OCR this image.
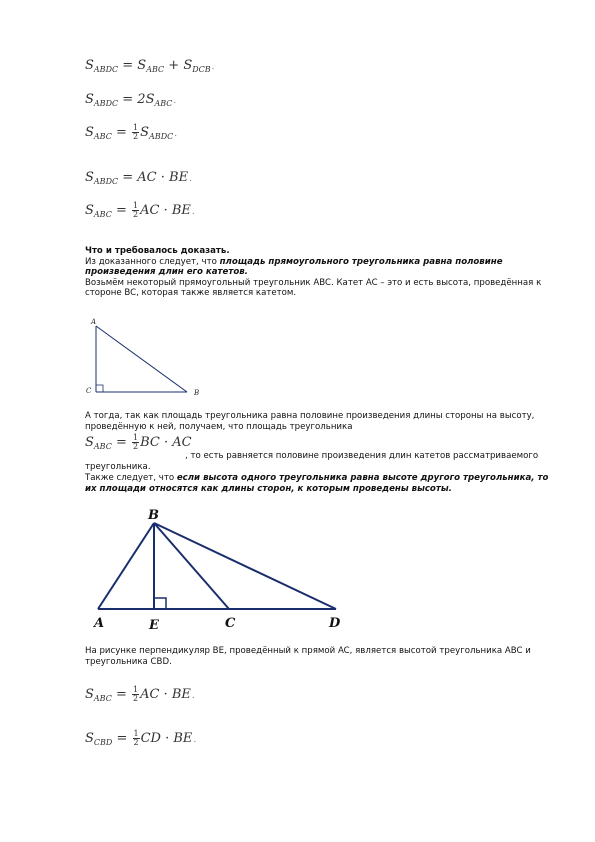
$S_{ABDC} = S_{ABC} + S_{DCB}$.
$S_{ABDC} = 2S_{ABC}$.
$S_{ABC} = \frac{1}{2} S_{ABDC}$.
$S_{ABDC}$ = AC · BE.
$S_{ABC} = \frac{1}{2}$ AC · BE.
Что и требовалось доказать.
Из доказанного следует, что площадь прямоугольного треугольника равна половине произведения длин его катетов.
Возьмём некоторый прямоугольный треугольник ABC. Катет AC – это и есть высота, проведённая к стороне BC, которая также является катетом.
A
C	B
А тогда, так как площадь треугольника равна половине произведения длины стороны на высоту, проведённую к ней, получаем, что площадь треугольника
$S_{ABC} = \frac{1}{2}$ BC · AC
, то есть равняется половине произведения длин катетов рассматриваемого треугольника.
Также следует, что если высота одного треугольника равна высоте другого треугольника, то их площади относятся как длины сторон, к которым проведены высоты.
B
A	E	C	D
На рисунке перпендикуляр BE, проведённый к прямой AC, является высотой треугольника ABC и треугольника CBD.
$S_{ABC} = \frac{1}{2}$ AC · BE.
$S_{CBD} = \frac{1}{2}$ CD · BE.
